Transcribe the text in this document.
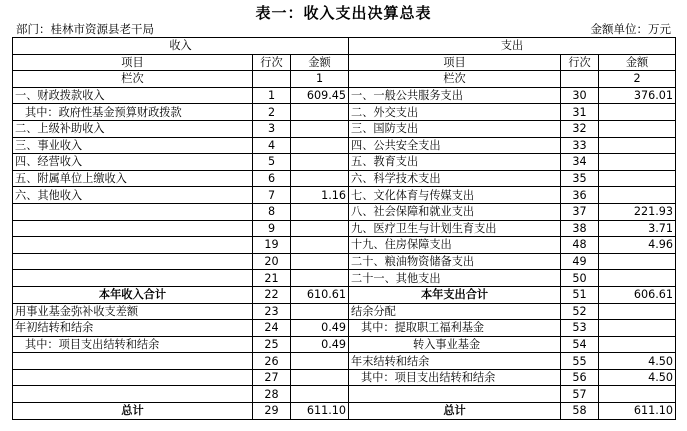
表一：收入支出决算总表
部门：桂林市资源县老干局	金额单位：万元
收入			支出		
项目	行次	金额	项目	行次	金额
栏次		1	栏次		2
一、财政拨款收入	1	609.45	一、一般公共服务支出	30	376.01
其中：政府性基金预算财政拨款	2		二、外交支出	31	
二、上级补助收入	3		三、国防支出	32	
三、事业收入	4		四、公共安全支出	33	
四、经营收入	5		五、教育支出	34	
五、附属单位上缴收入	6		六、科学技术支出	35	
六、其他收入	7	1.16	七、文化体育与传媒支出	36	
	8		八、社会保障和就业支出	37	221.93
	9		九、医疗卫生与计划生育支出	38	3.71
	19		十九、住房保障支出	48	4.96
	20		二十、粮油物资储备支出	49	
	21		二十一、其他支出	50	
本年收入合计	22	610.61	本年支出合计	51	606.61
用事业基金弥补收支差额	23		结余分配	52	
年初结转和结余	24	0.49	其中：提取职工福利基金	53	
其中：项目支出结转和结余	25	0.49	转入事业基金	54	
	26		年末结转和结余	55	4.50
	27		其中：项目支出结转和结余	56	4.50
	28			57	
总计	29	611.10	总计	58	611.10
